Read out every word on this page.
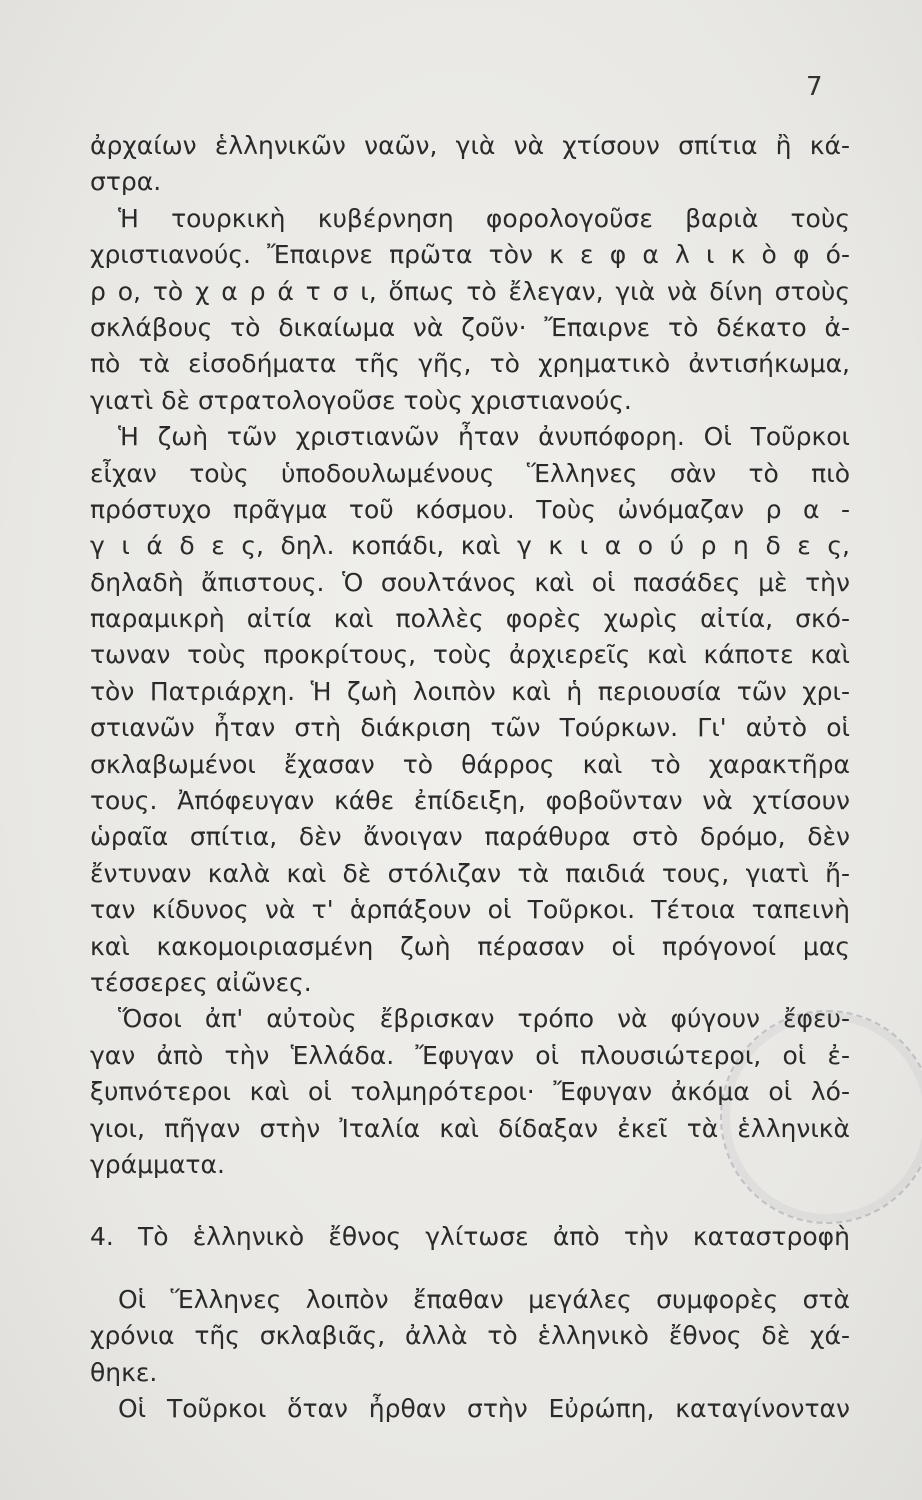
7
ἀρχαίων ἑλληνικῶν ναῶν, γιὰ νὰ χτίσουν σπίτια ἢ κά-
στρα.
Ἡ τουρκικὴ κυβέρνηση φορολογοῦσε βαριὰ τοὺς
χριστιανούς. Ἔπαιρνε πρῶτα τὸν κ ε φ α λ ι κ ὸ φ ό-
ρ ο, τὸ χ α ρ ά τ σ ι, ὅπως τὸ ἔλεγαν, γιὰ νὰ δίνη στοὺς
σκλάβους τὸ δικαίωμα νὰ ζοῦν· Ἔπαιρνε τὸ δέκατο ἀ-
πὸ τὰ εἰσοδήματα τῆς γῆς, τὸ χρηματικὸ ἀντισήκωμα,
γιατὶ δὲ στρατολογοῦσε τοὺς χριστιανούς.
Ἡ ζωὴ τῶν χριστιανῶν ἦταν ἀνυπόφορη. Οἱ Τοῦρκοι
εἶχαν τοὺς ὑποδουλωμένους Ἕλληνες σὰν τὸ πιὸ
πρόστυχο πρᾶγμα τοῦ κόσμου. Τοὺς ὠνόμαζαν ρ α -
γ ι ά δ ε ς, δηλ. κοπάδι, καὶ γ κ ι α ο ύ ρ η δ ε ς,
δηλαδὴ ἄπιστους. Ὁ σουλτάνος καὶ οἱ πασάδες μὲ τὴν
παραμικρὴ αἰτία καὶ πολλὲς φορὲς χωρὶς αἰτία, σκό-
τωναν τοὺς προκρίτους, τοὺς ἀρχιερεῖς καὶ κάποτε καὶ
τὸν Πατριάρχη. Ἡ ζωὴ λοιπὸν καὶ ἡ περιουσία τῶν χρι-
στιανῶν ἦταν στὴ διάκριση τῶν Τούρκων. Γι' αὐτὸ οἱ
σκλαβωμένοι ἔχασαν τὸ θάρρος καὶ τὸ χαρακτῆρα
τους. Ἀπόφευγαν κάθε ἐπίδειξη, φοβοῦνταν νὰ χτίσουν
ὡραῖα σπίτια, δὲν ἄνοιγαν παράθυρα στὸ δρόμο, δὲν
ἔντυναν καλὰ καὶ δὲ στόλιζαν τὰ παιδιά τους, γιατὶ ἤ-
ταν κίδυνος νὰ τ' ἁρπάξουν οἱ Τοῦρκοι. Τέτοια ταπεινὴ
καὶ κακομοιριασμένη ζωὴ πέρασαν οἱ πρόγονοί μας
τέσσερες αἰῶνες.
Ὅσοι ἀπ' αὐτοὺς ἔβρισκαν τρόπο νὰ φύγουν ἔφευ-
γαν ἀπὸ τὴν Ἑλλάδα. Ἔφυγαν οἱ πλουσιώτεροι, οἱ ἐ-
ξυπνότεροι καὶ οἱ τολμηρότεροι· Ἔφυγαν ἀκόμα οἱ λό-
γιοι, πῆγαν στὴν Ἰταλία καὶ δίδαξαν ἐκεῖ τὰ ἑλληνικὰ
γράμματα.
4. Τὸ ἑλληνικὸ ἔθνος γλίτωσε ἀπὸ τὴν καταστροφὴ
Οἱ Ἕλληνες λοιπὸν ἔπαθαν μεγάλες συμφορὲς στὰ
χρόνια τῆς σκλαβιᾶς, ἀλλὰ τὸ ἑλληνικὸ ἔθνος δὲ χά-
θηκε.
Οἱ Τοῦρκοι ὅταν ἦρθαν στὴν Εὐρώπη, καταγίνονταν
